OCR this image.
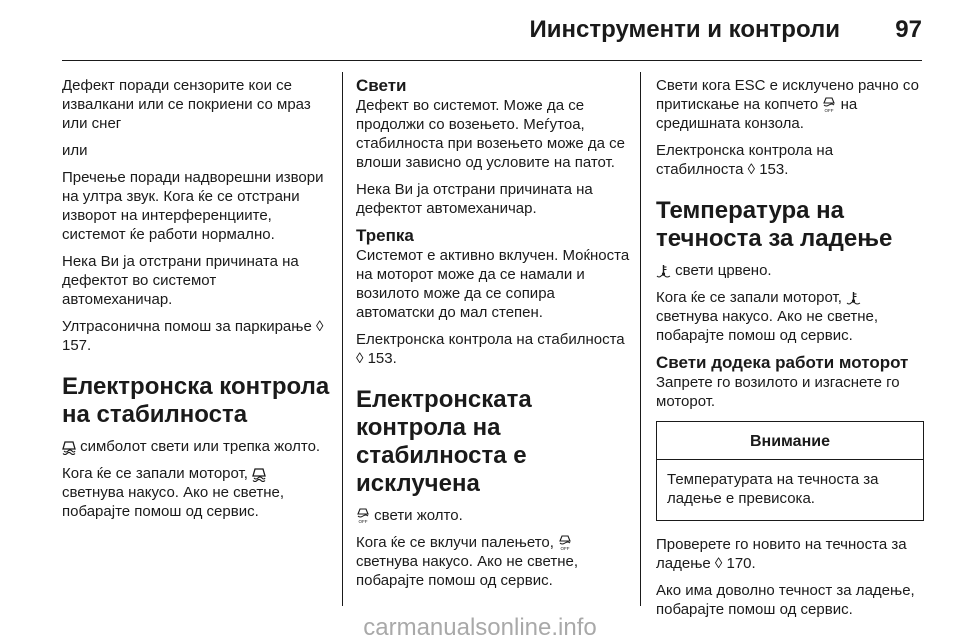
Иинструменти и контроли 97

Дефект поради сензорите кои се извалкани или се покриени со мраз или снег

или

Пречење поради надворешни извори на ултра звук. Кога ќе се отстрани изворот на интерференциите, системот ќе работи нормално.

Нека Ви ја отстрани причината на дефектот во системот автомеханичар.

Ултрасонична помош за паркирање ◊ 157.

Електронска контрола на стабилноста

симболот свети или трепка жолто.

Кога ќе се запали моторот,
светнува накусо. Ако не светне, побарајте помош од сервис.

Свети

Дефект во системот. Може да се продолжи со возењето. Меѓутоа, стабилноста при возењето може да се влоши зависно од условите на патот.

Нека Ви ја отстрани причината на дефектот автомеханичар.

Трепка

Системот е активно вклучен. Моќноста на моторот може да се намали и возилото може да се сопира автоматски до мал степен.

Електронска контрола на стабилноста ◊ 153.

Електронската контрола на стабилноста е исклучена

OFF свети жолто.

Кога ќе се вклучи палењето, OFF
светнува накусо. Ако не светне, побарајте помош од сервис.

Свети кога ESC е исклучено рачно со притискање на копчето OFF на средишната конзола.

Електронска контрола на стабилноста ◊ 153.

Температура на течноста за ладење

свети црвено.

Кога ќе се запали моторот,
светнува накусо. Ако не светне, побарајте помош од сервис.

Свети додека работи моторот

Запрете го возилото и изгаснете го моторот.

Внимание
Температурата на течноста за ладење е превисока.

Проверете го новито на течноста за ладење ◊ 170.

Ако има доволно течност за ладење, побарајте помош од сервис.

carmanualsonline.info
